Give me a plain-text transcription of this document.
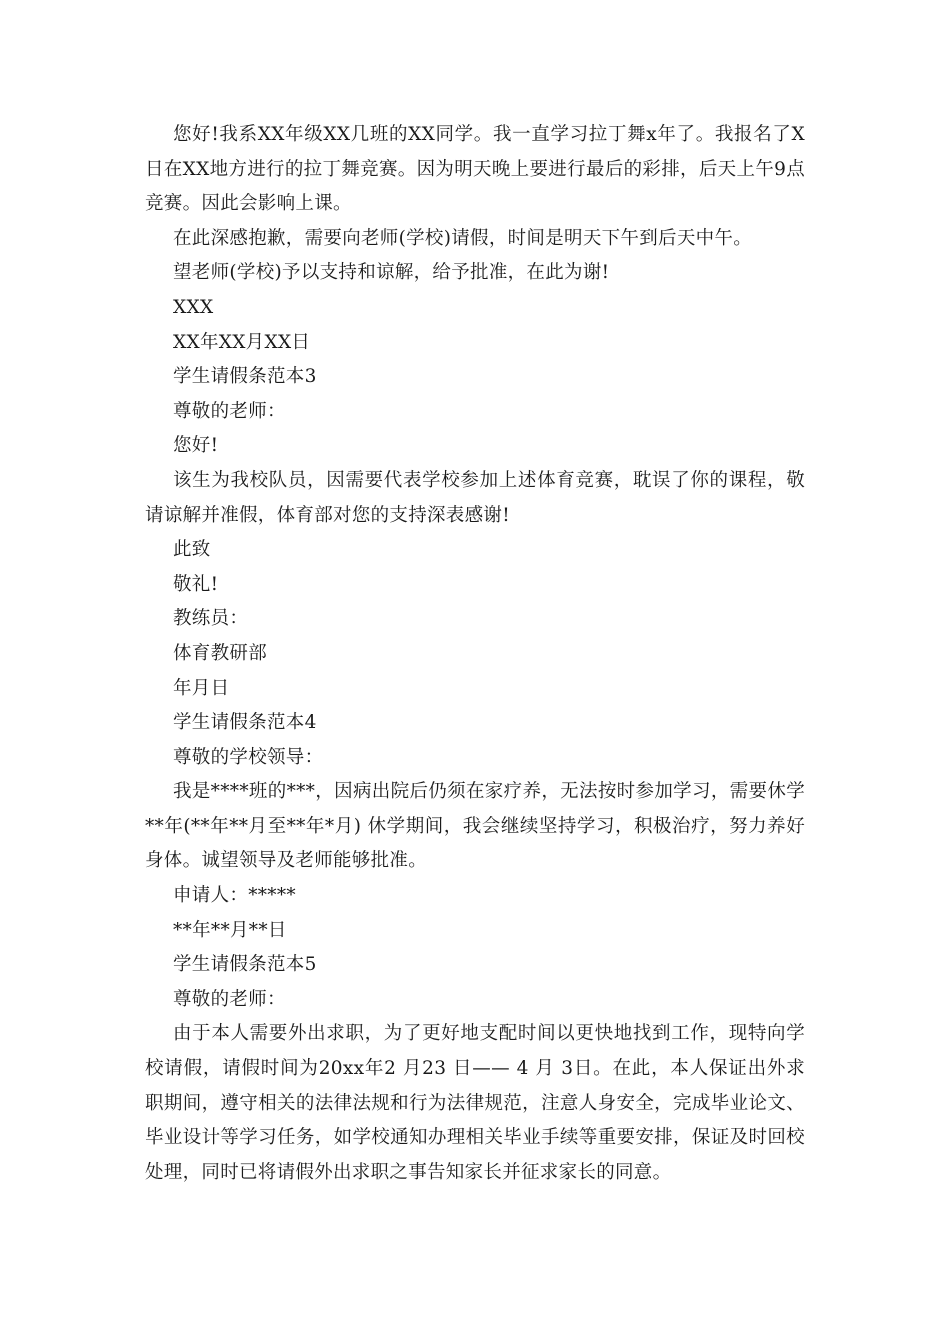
您好!我系XX年级XX几班的XX同学。我一直学习拉丁舞x年了。我报名了X日在XX地方进行的拉丁舞竞赛。因为明天晚上要进行最后的彩排，后天上午9点竞赛。因此会影响上课。

在此深感抱歉，需要向老师(学校)请假，时间是明天下午到后天中午。

望老师(学校)予以支持和谅解，给予批准，在此为谢!

XXX

XX年XX月XX日

学生请假条范本3

尊敬的老师：

您好!

该生为我校队员，因需要代表学校参加上述体育竞赛，耽误了你的课程，敬请谅解并准假，体育部对您的支持深表感谢!

此致

敬礼!

教练员：

体育教研部

年月日

学生请假条范本4

尊敬的学校领导：

我是****班的***，因病出院后仍须在家疗养，无法按时参加学习，需要休学**年(**年**月至**年*月) 休学期间，我会继续坚持学习，积极治疗，努力养好身体。诚望领导及老师能够批准。

申请人：*****

**年**月**日

学生请假条范本5

尊敬的老师：

由于本人需要外出求职，为了更好地支配时间以更快地找到工作，现特向学校请假，请假时间为20xx年2 月23 日—— 4 月 3日。在此，本人保证出外求职期间，遵守相关的法律法规和行为法律规范，注意人身安全，完成毕业论文、毕业设计等学习任务，如学校通知办理相关毕业手续等重要安排，保证及时回校处理，同时已将请假外出求职之事告知家长并征求家长的同意。
